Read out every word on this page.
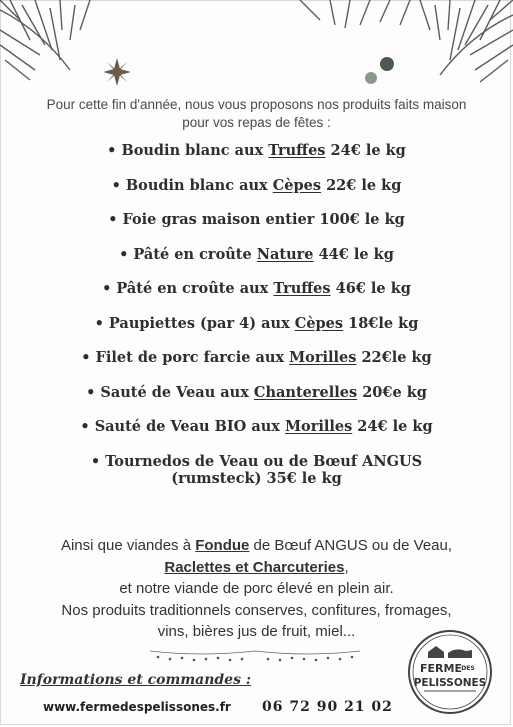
Pour cette fin d'année, nous vous proposons nos produits faits maison
pour vos repas de fêtes :
• Boudin blanc aux Truffes 24€ le kg
• Boudin blanc aux Cèpes 22€ le kg
• Foie gras maison entier 100€ le kg
• Pâté en croûte Nature 44€ le kg
• Pâté en croûte aux Truffes 46€ le kg
• Paupiettes (par 4) aux Cèpes 18€le kg
• Filet de porc farcie aux Morilles 22€le kg
• Sauté de Veau aux Chanterelles 20€e kg
• Sauté de Veau BIO aux Morilles 24€ le kg
• Tournedos de Veau ou de Bœuf ANGUS
(rumsteck) 35€ le kg
Ainsi que viandes à Fondue de Bœuf ANGUS ou de Veau,
Raclettes et Charcuteries,
et notre viande de porc élevé en plein air.
Nos produits traditionnels conserves, confitures, fromages,
vins, bières jus de fruit, miel...
Informations et commandes :
www.fermedespelissones.fr 06 72 90 21 02
FERME DES
PELISSONES
